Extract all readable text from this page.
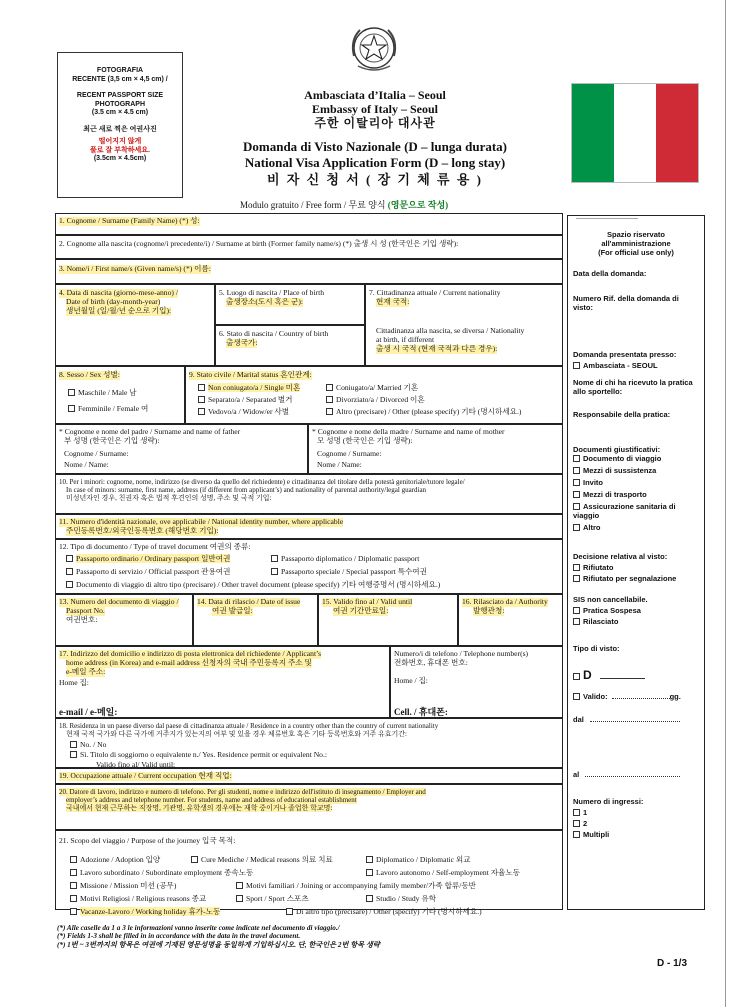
FOTOGRAFIA
RECENTE (3,5 cm × 4,5 cm) /
RECENT PASSPORT SIZE
PHOTOGRAPH
(3.5 cm × 4.5 cm)
최근 새로 찍은 여권사진
떨어지지 않게
풀로 잘 부착하세요.
(3.5cm × 4.5cm)
Ambasciata d’Italia – Seoul
Embassy of Italy – Seoul
주한 이탈리아 대사관
Domanda di Visto Nazionale (D – lunga durata)
National Visa Application Form (D – long stay)
비 자 신 청 서 ( 장 기 체 류 용 )
Modulo gratuito / Free form / 무료 양식 (영문으로 작성)
1. Cognome / Surname (Family Name) (*) 성:
2. Cognome alla nascita (cognome/i precedente/i) / Surname at birth (Former family name/s) (*) 출생 시 성 (한국인은 기입 생략):
3. Nome/i / First name/s (Given name/s) (*) 이름:
4. Data di nascita (giorno-mese-anno) /
Date of birth (day-month-year)
생년월일 (일/월/년 순으로 기입):
5. Luogo di nascita / Place of birth
출생장소(도시 혹은 군):
6. Stato di nascita / Country of birth
출생국가:
7. Cittadinanza attuale / Current nationality
현재 국적:
Cittadinanza alla nascita, se diversa / Nationality
at birth, if different
출생 시 국적 (현재 국적과 다른 경우):
8. Sesso / Sex 성별:
Maschile / Male 남
Femminile / Female 여
9. Stato civile / Marital status 혼인관계:
Non coniugato/a / Single 미혼	Coniugato/a/ Married 기혼
Separato/a / Separated 별거	Divorziato/a / Divorced 이혼
Vedovo/a / Widow/er 사별	Altro (precisare) / Other (please specify) 기타 (명시하세요.)
* Cognome e nome del padre / Surname and name of father
부 성명 (한국인은 기입 생략):
Cognome / Surname:
Nome / Name:
* Cognome e nome della madre / Surname and name of mother
모 성명 (한국인은 기입 생략):
Cognome / Surname:
Nome / Name:
10. Per i minori: cognome, nome, indirizzo (se diverso da quello del richiedente) e cittadinanza del titolare della potestà genitoriale/tutore legale/
In case of minors: surname, first name, address (if different from applicant’s) and nationality of parental authority/legal guardian
미성년자인 경우, 친권자 혹은 법적 후견인의 성명, 주소 및 국적 기입:
11. Numero d'identità nazionale, ove applicabile / National identity number, where applicable
주민등록번호/외국인등록번호 (해당번호 기입):
12. Tipo di documento / Type of travel document 여권의 종류:
Passaporto ordinario / Ordinary passport 일반여권	Passaporto diplomatico / Diplomatic passport
Passaporto di servizio / Official passport 관용여권	Passaporto speciale / Special passport 특수여권
Documento di viaggio di altro tipo (precisare) / Other travel document (please specify) 기타 여행증명서 (명시하세요.)
13. Numero del documento di viaggio /
Passport No.
여권번호:
14. Data di rilascio / Date of issue
여권 발급일:
15. Valido fino al / Valid until
여권 기간만료일:
16. Rilasciato da / Authority
발행관청:
17. Indirizzo del domicilio e indirizzo di posta elettronica del richiedente / Applicant’s
home address (in Korea) and e-mail address 신청자의 국내 주민등록지 주소 및
e-메일 주소:
Home 집:
e-mail / e-메일:
Numero/i di telefono / Telephone number(s)
전화번호, 휴대폰 번호:
Home / 집:
Cell. / 휴대폰:
18. Residenza in un paese diverso dal paese di cittadinanza attuale / Residence in a country other than the country of current nationality
현재 국적 국가와 다른 국가에 거주지가 있는지의 여부 및 있을 경우 체류번호 혹은 기타 등록번호와 거주 유효기간:
No. / No
Sì. Titolo di soggiorno o equivalente n./ Yes. Residence permit or equivalent No.:
Valido fino al/ Valid until:
19. Occupazione attuale / Current occupation 현재 직업:
20. Datore di lavoro, indirizzo e numero di telefono. Per gli studenti, nome e indirizzo dell'istituto di insegnamento / Employer and
employer’s address and telephone number. For students, name and address of educational establishment
국내에서 현재 근무하는 직장명, 기관명, 유학생의 경우에는 재학 중이거나 졸업한 학교명:
21. Scopo del viaggio / Purpose of the journey 입국 목적:
Adozione / Adoption 입양	Cure Mediche / Medical reasons 의료 치료	Diplomatico / Diplomatic 외교
Lavoro subordinato / Subordinate employment 종속노동	Lavoro autonomo / Self-employment 자율노동
Missione / Mission 미션 (공무)	Motivi familiari / Joining or accompanying family member/가족 합류/동반
Motivi Religiosi / Religious reasons 종교	Sport / Sport 스포츠	Studio / Study 유학
Vacanze-Lavoro / Working holiday 휴가-노동	Di altro tipo (precisare) / Other (specify) 기타 (명시하세요.)
...............................
Spazio riservato
all'amministrazione
(For official use only)
Data della domanda:
Numero Rif. della domanda di visto:
Domanda presentata presso:
Ambasciata - SEOUL
Nome di chi ha ricevuto la pratica allo sportello:
Responsabile della pratica:
Documenti giustificativi:
Documento di viaggio
Mezzi di sussistenza
Invito
Mezzi di trasporto
Assicurazione sanitaria di viaggio
Altro
Decisione relativa al visto:
Rifiutato
Rifiutato per segnalazione
SIS non cancellabile.
Pratica Sospesa
Rilasciato
Tipo di visto:
D
Valido:	gg.
dal
al
Numero di ingressi:
1
2
Multipli
(*) Alle caselle da 1 a 3 le informazioni vanno inserite come indicate nel documento di viaggio./
(*) Fields 1-3 shall be filled in in accordance with the data in the travel document.
(*) 1번 ~ 3번까지의 항목은 여권에 기재된 영문성명을 동일하게 기입하십시오. 단, 한국인은 2번 항목 생략
D - 1/3
